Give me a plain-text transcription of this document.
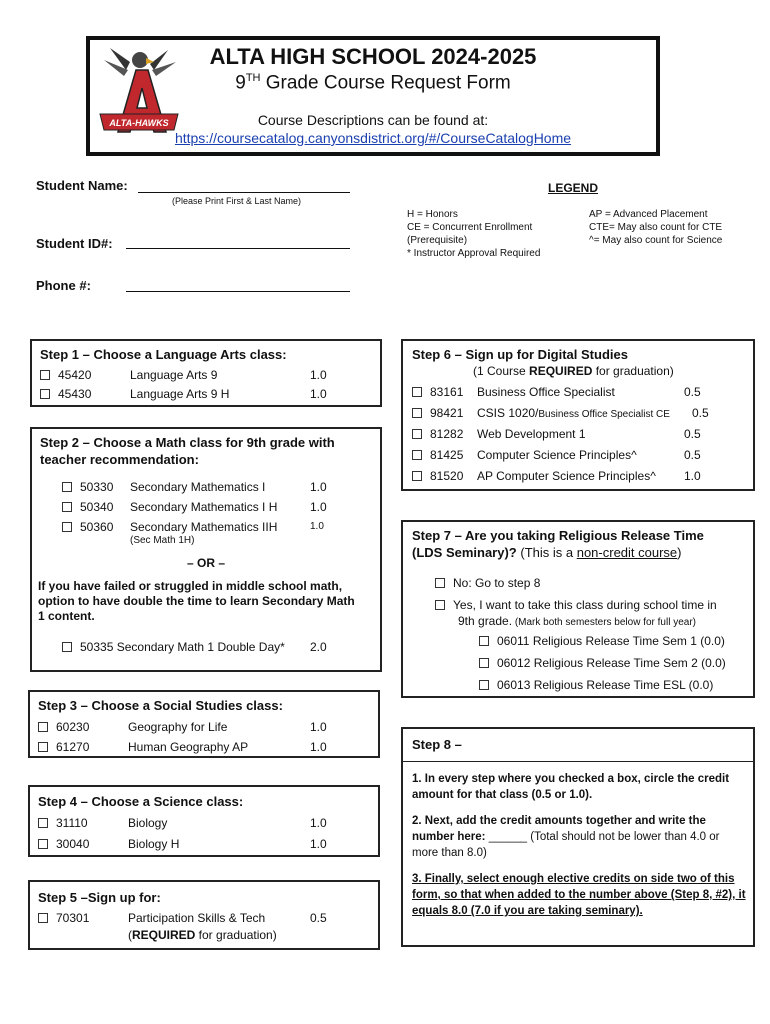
ALTA-HAWKS
ALTA HIGH SCHOOL 2024-2025
9TH Grade Course Request Form
Course Descriptions can be found at:
https://coursecatalog.canyonsdistrict.org/#/CourseCatalogHome
Student Name:
(Please Print First & Last Name)
Student ID#:
Phone #:
LEGEND
H = Honors
CE = Concurrent Enrollment
(Prerequisite)
* Instructor Approval Required
AP = Advanced Placement
CTE= May also count for CTE
^= May also count for Science
Step 1 – Choose a Language Arts class:
45420	Language Arts 9	1.0
45430	Language Arts 9 H	1.0
Step 2 – Choose a Math class for 9th grade with
teacher recommendation:
50330 Secondary Mathematics I	1.0
50340 Secondary Mathematics I H	1.0
50360 Secondary Mathematics IIH	1.0
(Sec Math 1H)
– OR –
If you have failed or struggled in middle school math,
option to have double the time to learn Secondary Math
1 content.
50335 Secondary Math 1 Double Day* 2.0
Step 3 – Choose a Social Studies class:
60230	Geography for Life	1.0
61270	Human Geography AP	1.0
Step 4 – Choose a Science class:
31110	Biology	1.0
30040	Biology H	1.0
Step 5 –Sign up for:
70301	Participation Skills & Tech	0.5
(REQUIRED for graduation)
Step 6 – Sign up for Digital Studies
(1 Course REQUIRED for graduation)
83161 Business Office Specialist	0.5
98421 CSIS 1020/Business Office Specialist CE 0.5
81282 Web Development 1	0.5
81425 Computer Science Principles^	0.5
81520 AP Computer Science Principles^ 1.0
Step 7 – Are you taking Religious Release Time
(LDS Seminary)? (This is a non-credit course)
No: Go to step 8
Yes, I want to take this class during school time in
9th grade. (Mark both semesters below for full year)
06011 Religious Release Time Sem 1 (0.0)
06012 Religious Release Time Sem 2 (0.0)
06013 Religious Release Time ESL (0.0)
Step 8 –
1. In every step where you checked a box, circle the credit amount for that class (0.5 or 1.0).
2. Next, add the credit amounts together and write the number here: ______ (Total should not be lower than 4.0 or more than 8.0)
3. Finally, select enough elective credits on side two of this form, so that when added to the number above (Step 8, #2), it equals 8.0 (7.0 if you are taking seminary).
